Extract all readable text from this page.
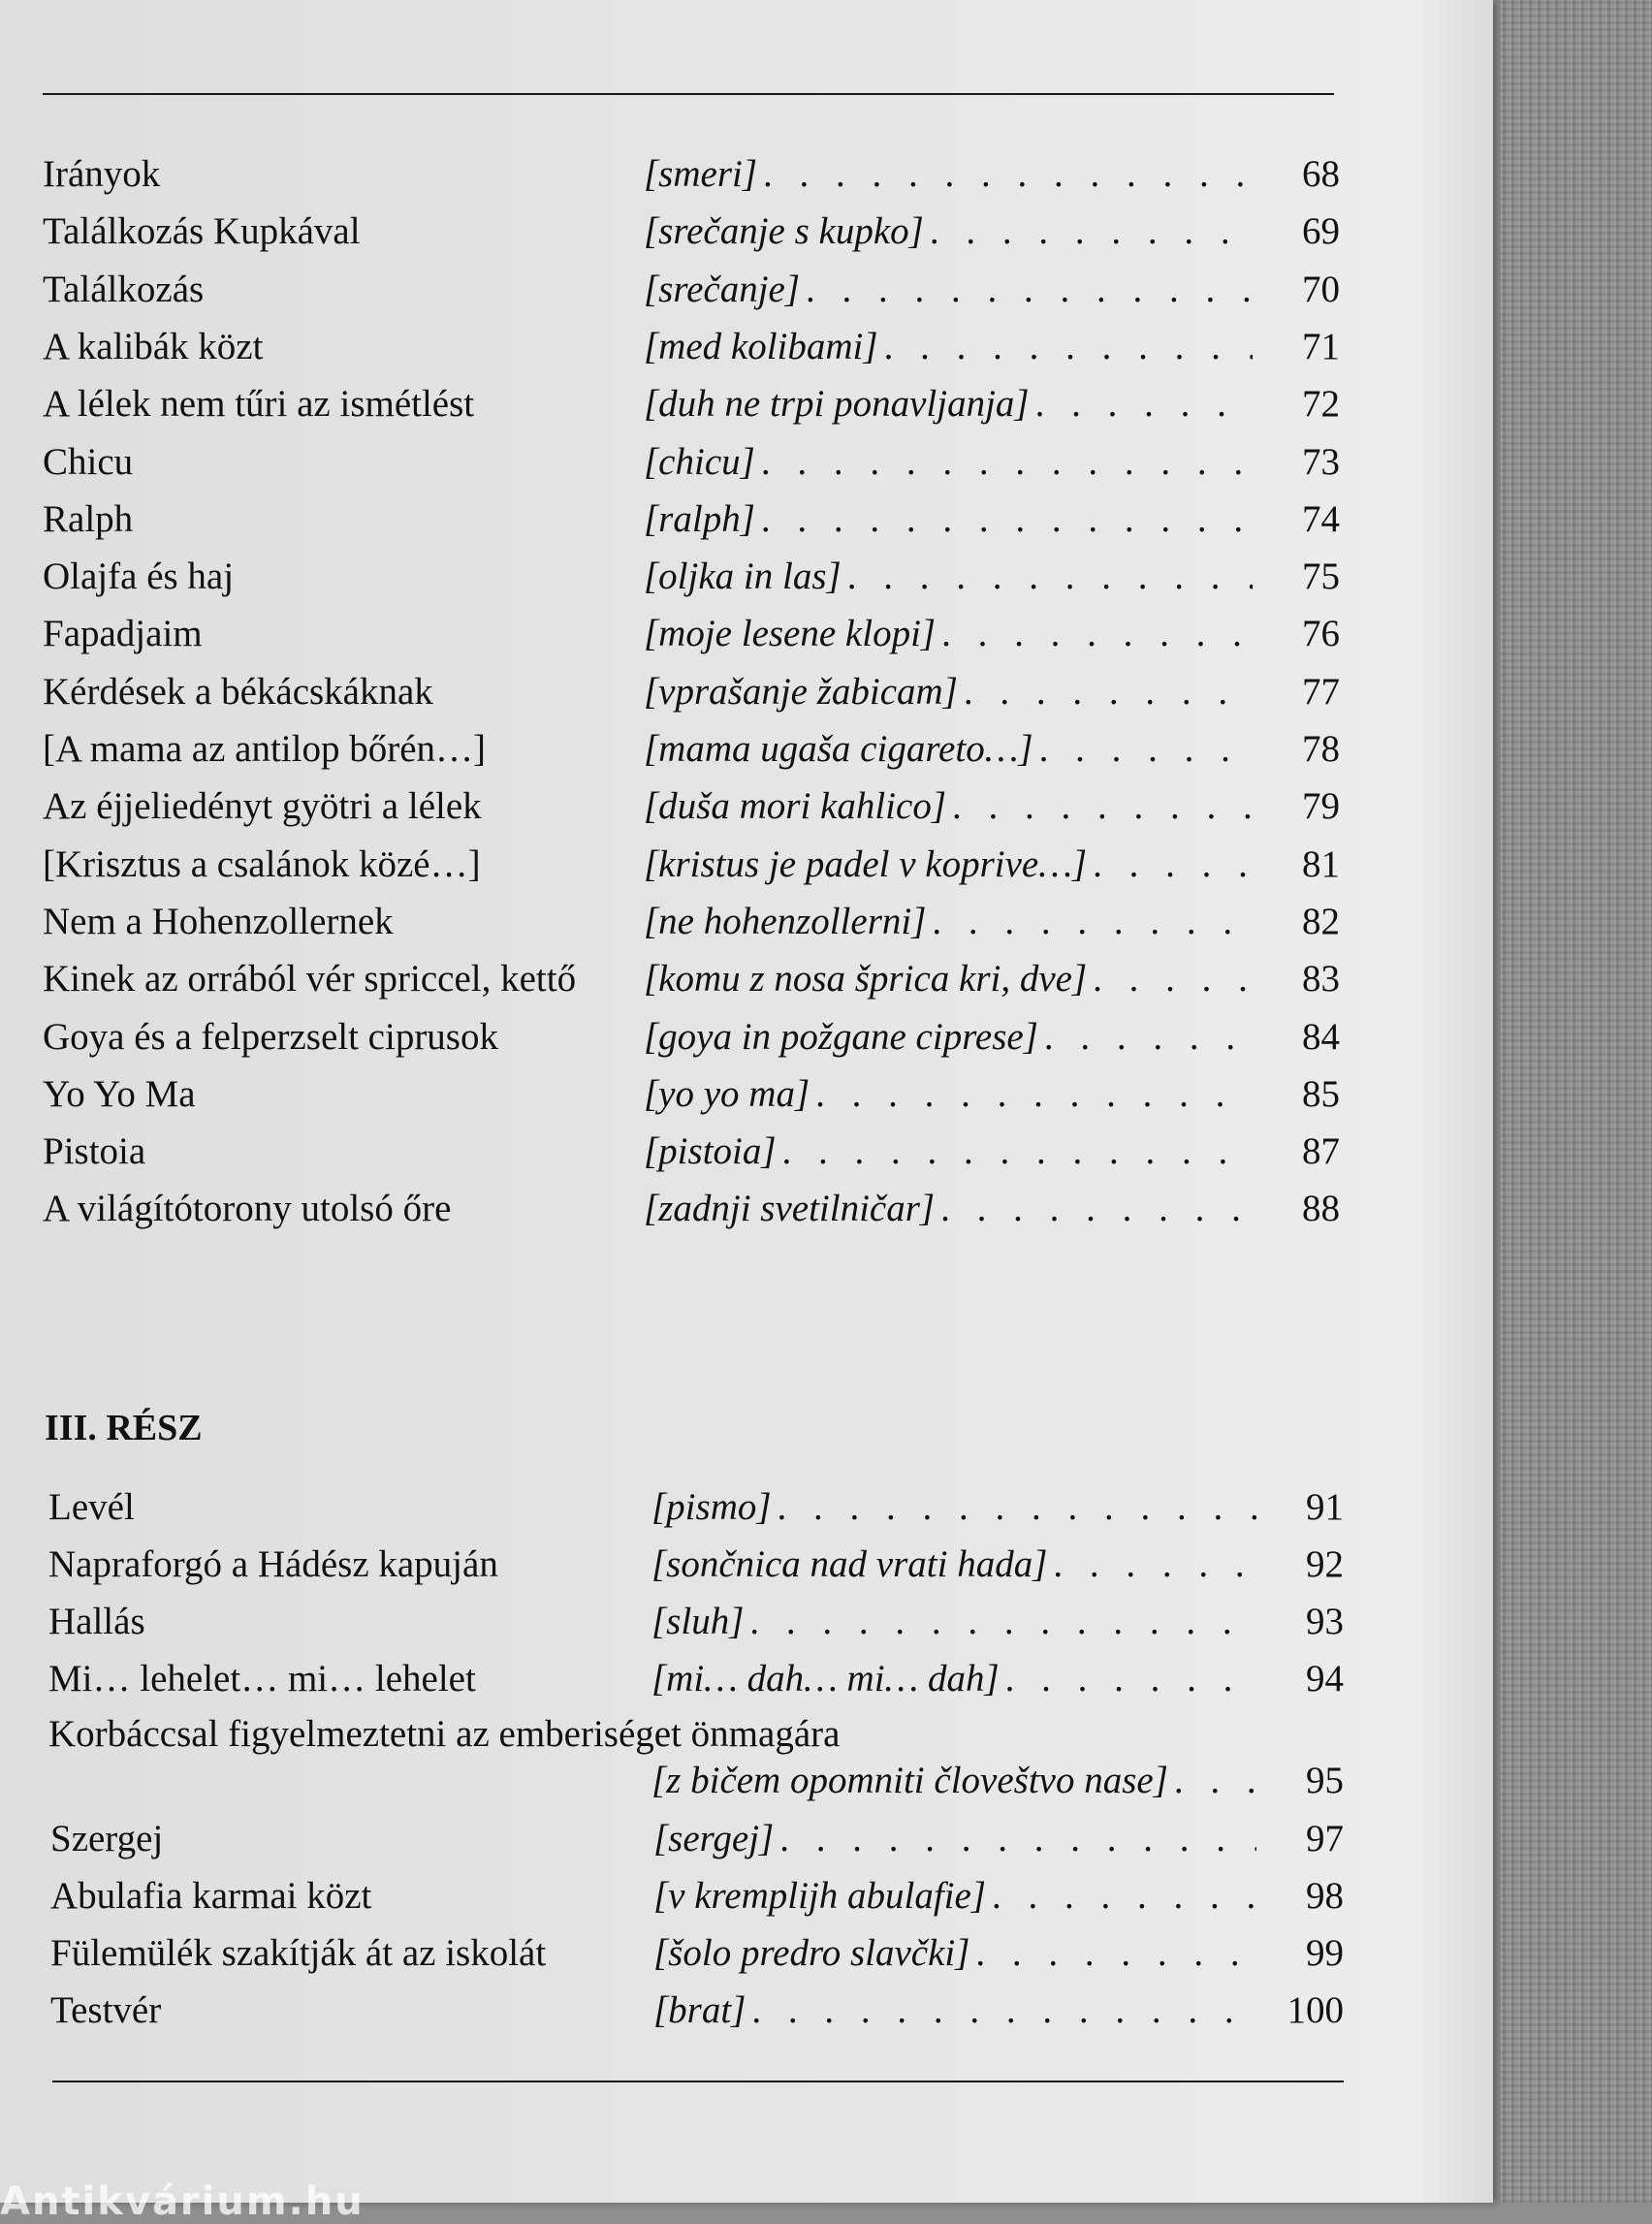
Irányok	[smeri] . . .	68
Találkozás Kupkával	[srečanje s kupko] . . .	69
Találkozás	[srečanje] . . .	70
A kalibák közt	[med kolibami] . . .	71
A lélek nem tűri az ismétlést	[duh ne trpi ponavljanja] . . .	72
Chicu	[chicu] . . .	73
Ralph	[ralph] . . .	74
Olajfa és haj	[oljka in las] . . .	75
Fapadjaim	[moje lesene klopi] . . .	76
Kérdések a békácskáknak	[vprašanje žabicam] . . .	77
[A mama az antilop bőrén…]	[mama ugaša cigareto…] . . .	78
Az éjjeliedényt gyötri a lélek	[duša mori kahlico] . . .	79
[Krisztus a csalánok közé…]	[kristus je padel v koprive…] . . .	81
Nem a Hohenzollernek	[ne hohenzollerni] . . .	82
Kinek az orrából vér spriccel, kettő [komu z nosa šprica kri, dve] . . .	83
Goya és a felperzselt ciprusok	[goya in požgane ciprese] . . .	84
Yo Yo Ma	[yo yo ma] . . .	85
Pistoia	[pistoia] . . .	87
A világítótorony utolsó őre	[zadnji svetilničar] . . .	88
Levél	[pismo] . . .	91
Napraforgó a Hádész kapuján	[sončnica nad vrati hada] . . .	92
Hallás	[sluh] . . .	93
Mi… lehelet… mi… lehelet	[mi… dah… mi… dah] . . .	94
Korbáccsal figyelmeztetni az emberiséget önmagára
[z bičem opomniti človeštvo nase] . . .	95
Szergej	[sergej] . . .	97
Abulafia karmai közt	[v kremplijh abulafie] . . .	98
Fülemülék szakítják át az iskolát	[šolo predro slavčki] . . .	99
Testvér	[brat] . . .	100
III. RÉSZ
Antikvárium.hu
